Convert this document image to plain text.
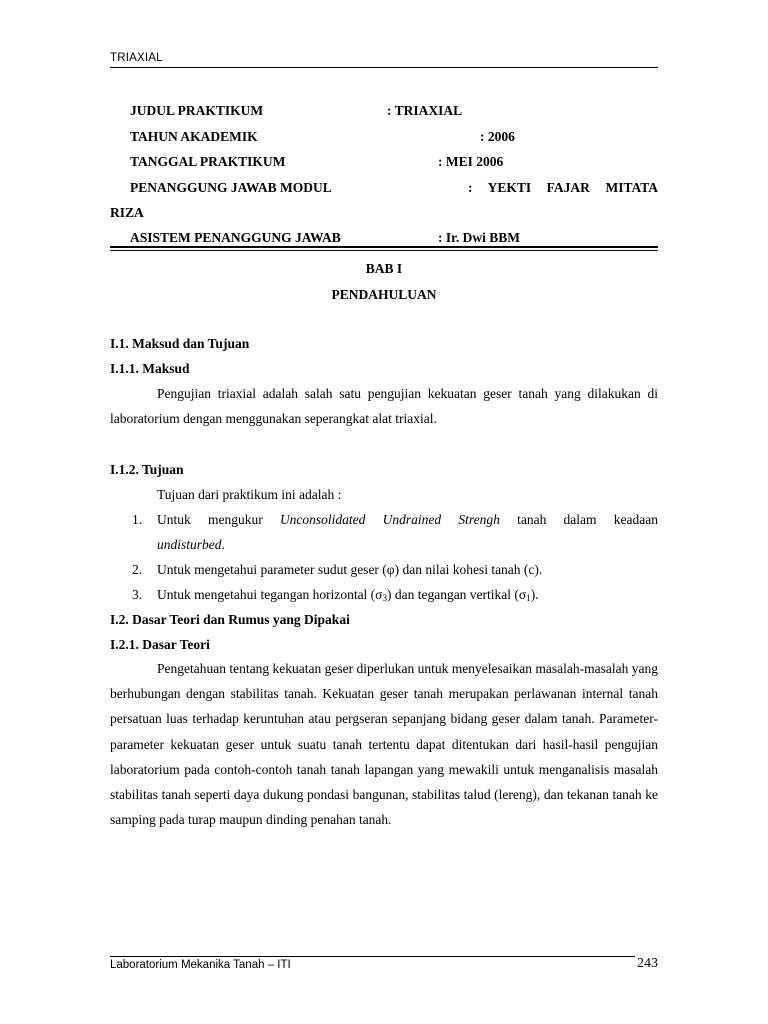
TRIAXIAL
JUDUL PRAKTIKUM	: TRIAXIAL
TAHUN AKADEMIK	: 2006
TANGGAL PRAKTIKUM	: MEI 2006
PENANGGUNG JAWAB MODUL	: YEKTI FAJAR MITATA
RIZA
ASISTEM PENANGGUNG JAWAB	: Ir. Dwi BBM
BAB I
PENDAHULUAN
I.1. Maksud dan Tujuan
I.1.1. Maksud
Pengujian triaxial adalah salah satu pengujian kekuatan geser tanah yang dilakukan di laboratorium dengan menggunakan seperangkat alat triaxial.
I.1.2. Tujuan
Tujuan dari praktikum ini adalah :
1. Untuk mengukur Unconsolidated Undrained Strengh tanah dalam keadaan
undisturbed.
2. Untuk mengetahui parameter sudut geser (φ) dan nilai kohesi tanah (c).
3. Untuk mengetahui tegangan horizontal $(\sigma_3)$ dan tegangan vertikal $(\sigma_1)$.
I.2. Dasar Teori dan Rumus yang Dipakai
I.2.1. Dasar Teori
Pengetahuan tentang kekuatan geser diperlukan untuk menyelesaikan masalah-masalah yang berhubungan dengan stabilitas tanah. Kekuatan geser tanah merupakan perlawanan internal tanah persatuan luas terhadap keruntuhan atau pergseran sepanjang bidang geser dalam tanah. Parameter-parameter kekuatan geser untuk suatu tanah tertentu dapat ditentukan dari hasil-hasil pengujian laboratorium pada contoh-contoh tanah tanah lapangan yang mewakili untuk menganalisis masalah stabilitas tanah seperti daya dukung pondasi bangunan, stabilitas talud (lereng), dan tekanan tanah ke samping pada turap maupun dinding penahan tanah.
Laboratorium Mekanika Tanah – ITI	243
